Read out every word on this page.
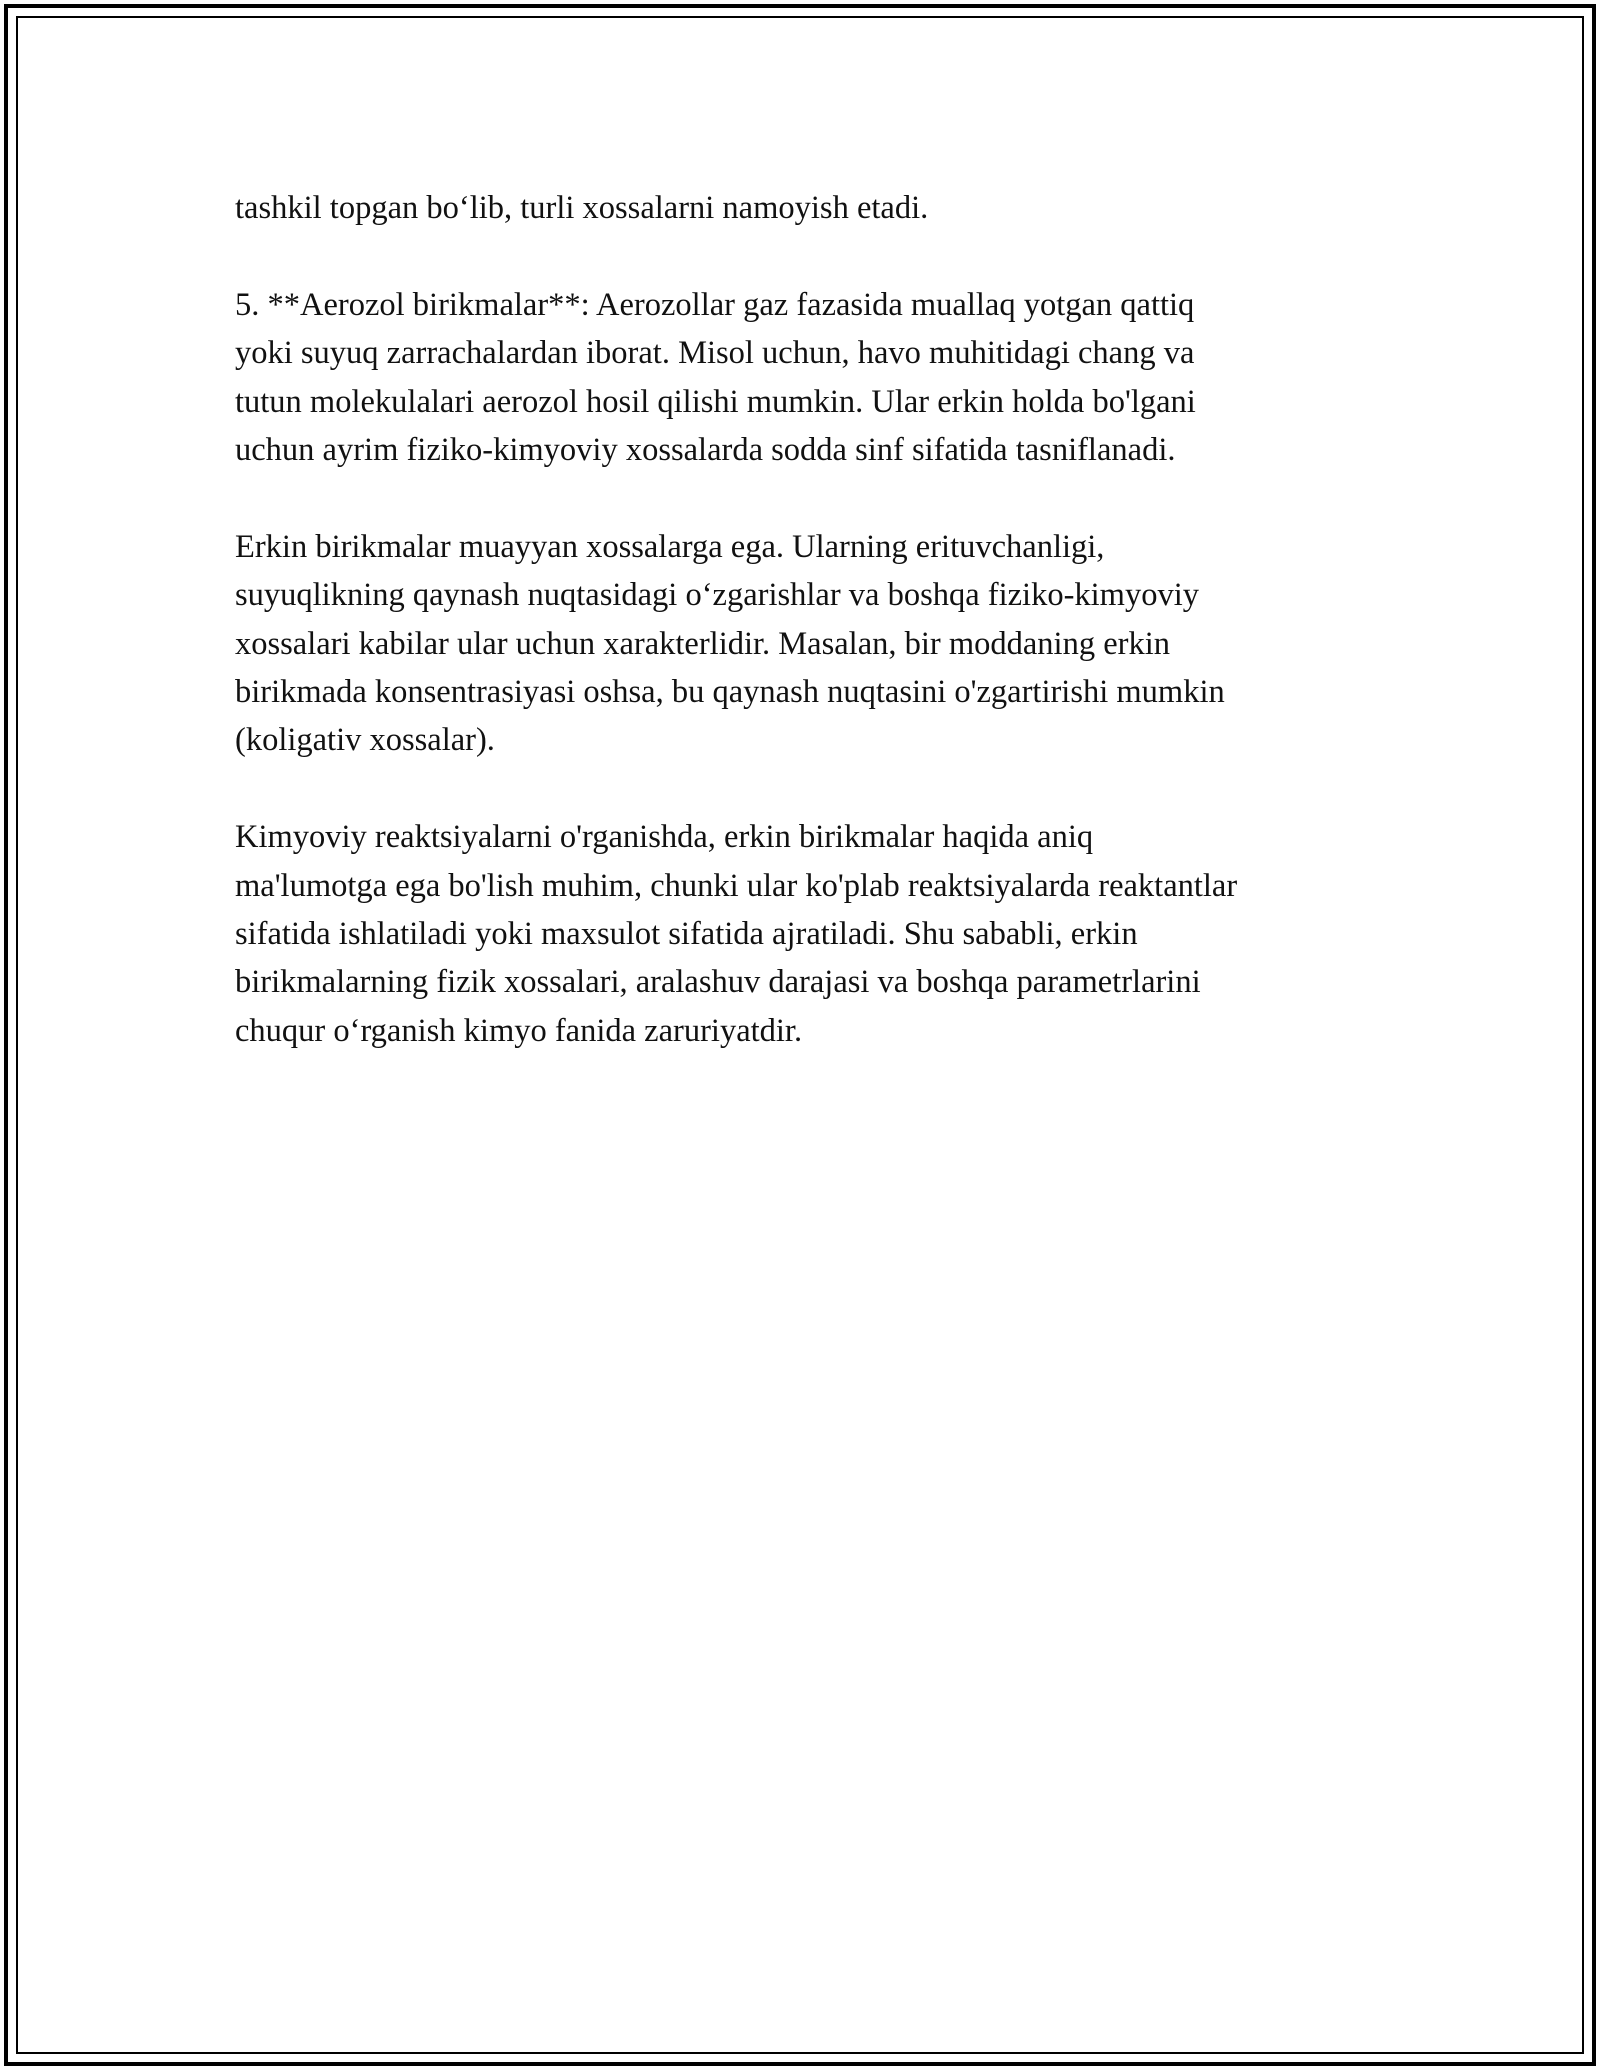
tashkil topgan bo‘lib, turli xossalarni namoyish etadi.

5. **Aerozol birikmalar**: Aerozollar gaz fazasida muallaq yotgan qattiq
yoki suyuq zarrachalardan iborat. Misol uchun, havo muhitidagi chang va
tutun molekulalari aerozol hosil qilishi mumkin. Ular erkin holda bo'lgani
uchun ayrim fiziko-kimyoviy xossalarda sodda sinf sifatida tasniflanadi.

Erkin birikmalar muayyan xossalarga ega. Ularning erituvchanligi,
suyuqlikning qaynash nuqtasidagi o‘zgarishlar va boshqa fiziko-kimyoviy
xossalari kabilar ular uchun xarakterlidir. Masalan, bir moddaning erkin
birikmada konsentrasiyasi oshsa, bu qaynash nuqtasini o'zgartirishi mumkin
(koligativ xossalar).

Kimyoviy reaktsiyalarni o'rganishda, erkin birikmalar haqida aniq
ma'lumotga ega bo'lish muhim, chunki ular ko'plab reaktsiyalarda reaktantlar
sifatida ishlatiladi yoki maxsulot sifatida ajratiladi. Shu sababli, erkin
birikmalarning fizik xossalari, aralashuv darajasi va boshqa parametrlarini
chuqur o‘rganish kimyo fanida zaruriyatdir.
